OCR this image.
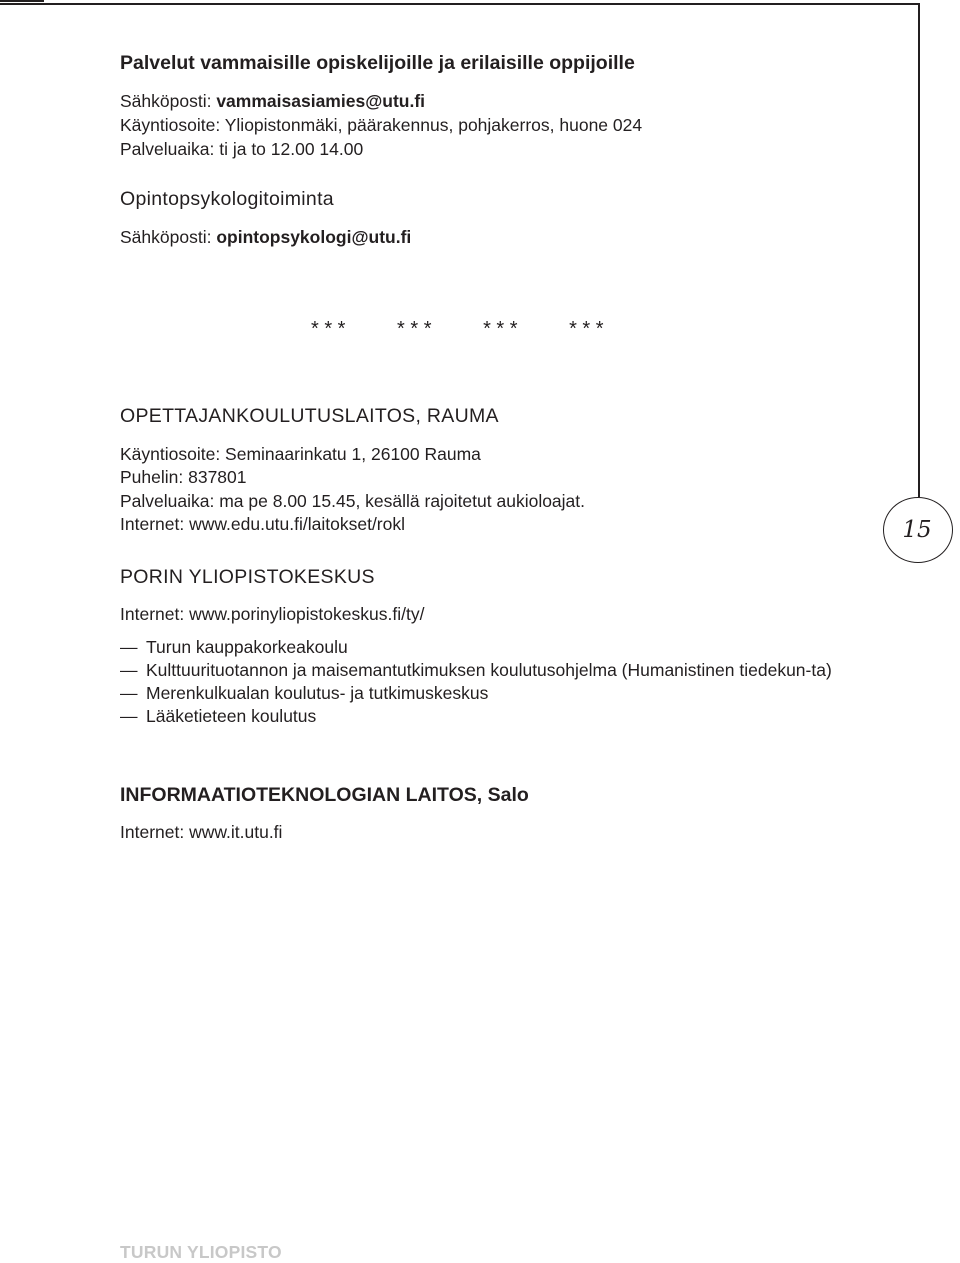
15
Palvelut vammaisille opiskelijoille ja erilaisille oppijoille
Sähköposti: vammaisasiamies@utu.fi
Käyntiosoite: Yliopistonmäki, päärakennus, pohjakerros, huone 024
Palveluaika: ti ja to 12.00 14.00
Opintopsykologitoiminta
Sähköposti: opintopsykologi@utu.fi
* * *	* * *	* * *	* * *
OPETTAJANKOULUTUSLAITOS, RAUMA
Käyntiosoite: Seminaarinkatu 1, 26100 Rauma
Puhelin: 837801
Palveluaika: ma pe 8.00 15.45, kesällä rajoitetut aukioloajat.
Internet: www.edu.utu.fi/laitokset/rokl
PORIN YLIOPISTOKESKUS
Internet: www.porinyliopistokeskus.fi/ty/
— Turun kauppakorkeakoulu
— Kulttuurituotannon ja maisemantutkimuksen koulutusohjelma (Humanistinen tiedekun-ta)
— Merenkulkualan koulutus- ja tutkimuskeskus
— Lääketieteen koulutus
INFORMAATIOTEKNOLOGIAN LAITOS, Salo
Internet: www.it.utu.fi
TURUN YLIOPISTO
